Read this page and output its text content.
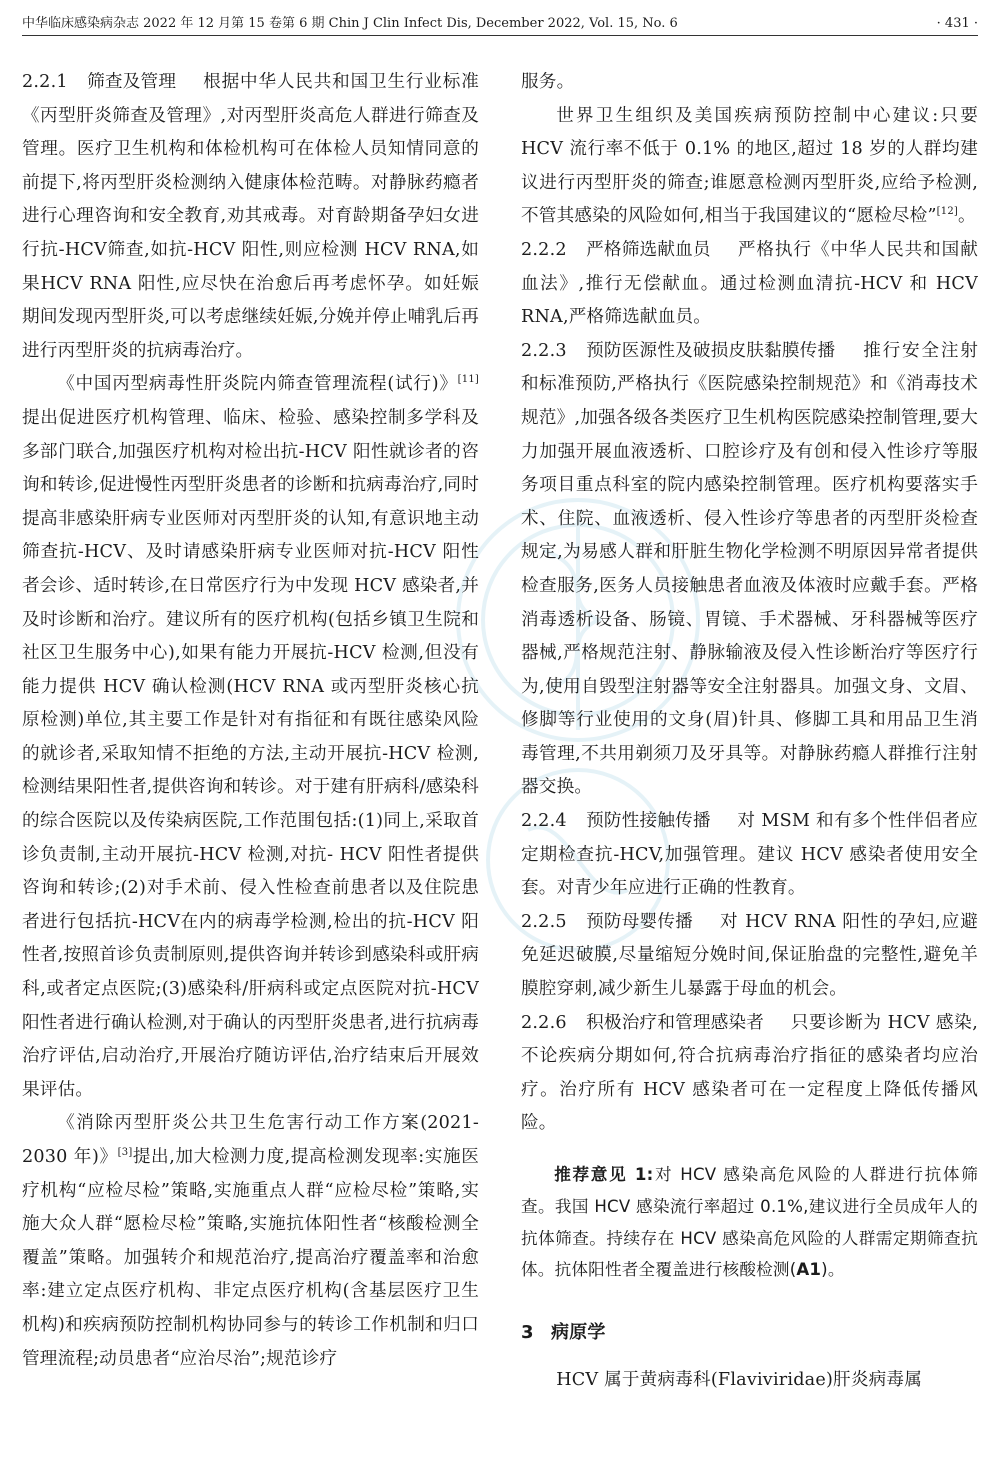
中华临床感染病杂志 2022 年 12 月第 15 卷第 6 期 Chin J Clin Infect Dis, December 2022, Vol. 15, No. 6	· 431 ·

2.2.1 筛查及管理 根据中华人民共和国卫生行业标准《丙型肝炎筛查及管理》,对丙型肝炎高危人群进行筛查及管理。医疗卫生机构和体检机构可在体检人员知情同意的前提下,将丙型肝炎检测纳入健康体检范畴。对静脉药瘾者进行心理咨询和安全教育,劝其戒毒。对育龄期备孕妇女进行抗-HCV筛查,如抗-HCV 阳性,则应检测 HCV RNA,如果HCV RNA 阳性,应尽快在治愈后再考虑怀孕。如妊娠期间发现丙型肝炎,可以考虑继续妊娠,分娩并停止哺乳后再进行丙型肝炎的抗病毒治疗。

《中国丙型病毒性肝炎院内筛查管理流程(试行)》[11]提出促进医疗机构管理、临床、检验、感染控制多学科及多部门联合,加强医疗机构对检出抗-HCV 阳性就诊者的咨询和转诊,促进慢性丙型肝炎患者的诊断和抗病毒治疗,同时提高非感染肝病专业医师对丙型肝炎的认知,有意识地主动筛查抗-HCV、及时请感染肝病专业医师对抗-HCV 阳性者会诊、适时转诊,在日常医疗行为中发现 HCV 感染者,并及时诊断和治疗。建议所有的医疗机构(包括乡镇卫生院和社区卫生服务中心),如果有能力开展抗-HCV 检测,但没有能力提供 HCV 确认检测(HCV RNA 或丙型肝炎核心抗原检测)单位,其主要工作是针对有指征和有既往感染风险的就诊者,采取知情不拒绝的方法,主动开展抗-HCV 检测,检测结果阳性者,提供咨询和转诊。对于建有肝病科/感染科的综合医院以及传染病医院,工作范围包括:(1)同上,采取首诊负责制,主动开展抗-HCV 检测,对抗- HCV 阳性者提供咨询和转诊;(2)对手术前、侵入性检查前患者以及住院患者进行包括抗-HCV在内的病毒学检测,检出的抗-HCV 阳性者,按照首诊负责制原则,提供咨询并转诊到感染科或肝病科,或者定点医院;(3)感染科/肝病科或定点医院对抗-HCV 阳性者进行确认检测,对于确认的丙型肝炎患者,进行抗病毒治疗评估,启动治疗,开展治疗随访评估,治疗结束后开展效果评估。

《消除丙型肝炎公共卫生危害行动工作方案(2021-2030 年)》[3]提出,加大检测力度,提高检测发现率:实施医疗机构“应检尽检”策略,实施重点人群“应检尽检”策略,实施大众人群“愿检尽检”策略,实施抗体阳性者“核酸检测全覆盖”策略。加强转介和规范治疗,提高治疗覆盖率和治愈率:建立定点医疗机构、非定点医疗机构(含基层医疗卫生机构)和疾病预防控制机构协同参与的转诊工作机制和归口管理流程;动员患者“应治尽治”;规范诊疗

服务。

世界卫生组织及美国疾病预防控制中心建议:只要 HCV 流行率不低于 0.1% 的地区,超过 18 岁的人群均建议进行丙型肝炎的筛查;谁愿意检测丙型肝炎,应给予检测,不管其感染的风险如何,相当于我国建议的“愿检尽检”[12]。

2.2.2 严格筛选献血员 严格执行《中华人民共和国献血法》,推行无偿献血。通过检测血清抗-HCV 和 HCV RNA,严格筛选献血员。

2.2.3 预防医源性及破损皮肤黏膜传播 推行安全注射和标准预防,严格执行《医院感染控制规范》和《消毒技术规范》,加强各级各类医疗卫生机构医院感染控制管理,要大力加强开展血液透析、口腔诊疗及有创和侵入性诊疗等服务项目重点科室的院内感染控制管理。医疗机构要落实手术、住院、血液透析、侵入性诊疗等患者的丙型肝炎检查规定,为易感人群和肝脏生物化学检测不明原因异常者提供检查服务,医务人员接触患者血液及体液时应戴手套。严格消毒透析设备、肠镜、胃镜、手术器械、牙科器械等医疗器械,严格规范注射、静脉输液及侵入性诊断治疗等医疗行为,使用自毁型注射器等安全注射器具。加强文身、文眉、修脚等行业使用的文身(眉)针具、修脚工具和用品卫生消毒管理,不共用剃须刀及牙具等。对静脉药瘾人群推行注射器交换。

2.2.4 预防性接触传播 对 MSM 和有多个性伴侣者应定期检查抗-HCV,加强管理。建议 HCV 感染者使用安全套。对青少年应进行正确的性教育。

2.2.5 预防母婴传播 对 HCV RNA 阳性的孕妇,应避免延迟破膜,尽量缩短分娩时间,保证胎盘的完整性,避免羊膜腔穿刺,减少新生儿暴露于母血的机会。

2.2.6 积极治疗和管理感染者 只要诊断为 HCV 感染,不论疾病分期如何,符合抗病毒治疗指征的感染者均应治疗。治疗所有 HCV 感染者可在一定程度上降低传播风险。

推荐意见 1:对 HCV 感染高危风险的人群进行抗体筛查。我国 HCV 感染流行率超过 0.1%,建议进行全员成年人的抗体筛查。持续存在 HCV 感染高危风险的人群需定期筛查抗体。抗体阳性者全覆盖进行核酸检测(A1)。

3 病原学

HCV 属于黄病毒科(Flaviviridae)肝炎病毒属
